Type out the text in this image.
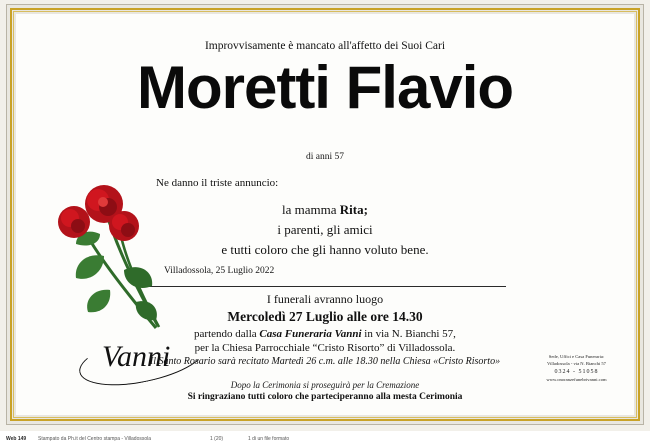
Improvvisamente è mancato all'affetto dei Suoi Cari
Moretti Flavio
di anni 57
Ne danno il triste annuncio:
la mamma Rita;
i parenti, gli amici
e tutti coloro che gli hanno voluto bene.
Villadossola, 25 Luglio 2022
I funerali avranno luogo
Mercoledì 27 Luglio alle ore 14.30
partendo dalla Casa Funeraria Vanni in via N. Bianchi 57,
per la Chiesa Parrocchiale “Cristo Risorto” di Villadossola.
Il Santo Rosario sarà recitato Martedì 26 c.m. alle 18.30 nella Chiesa «Cristo Risorto»
Dopo la Cerimonia si proseguirà per la Cremazione
Si ringraziano tutti coloro che parteciperanno alla mesta Cerimonia
Vanni	Sede, Uffici e Casa Funeraria:
Villadossola - via N. Bianchi 57
0324 - 51058
www.onoranzefunebrivanni.com
Web 149 Stampato da Ph.it del Centro stampa - Villadossola	1 (20)	1 di un file formato
